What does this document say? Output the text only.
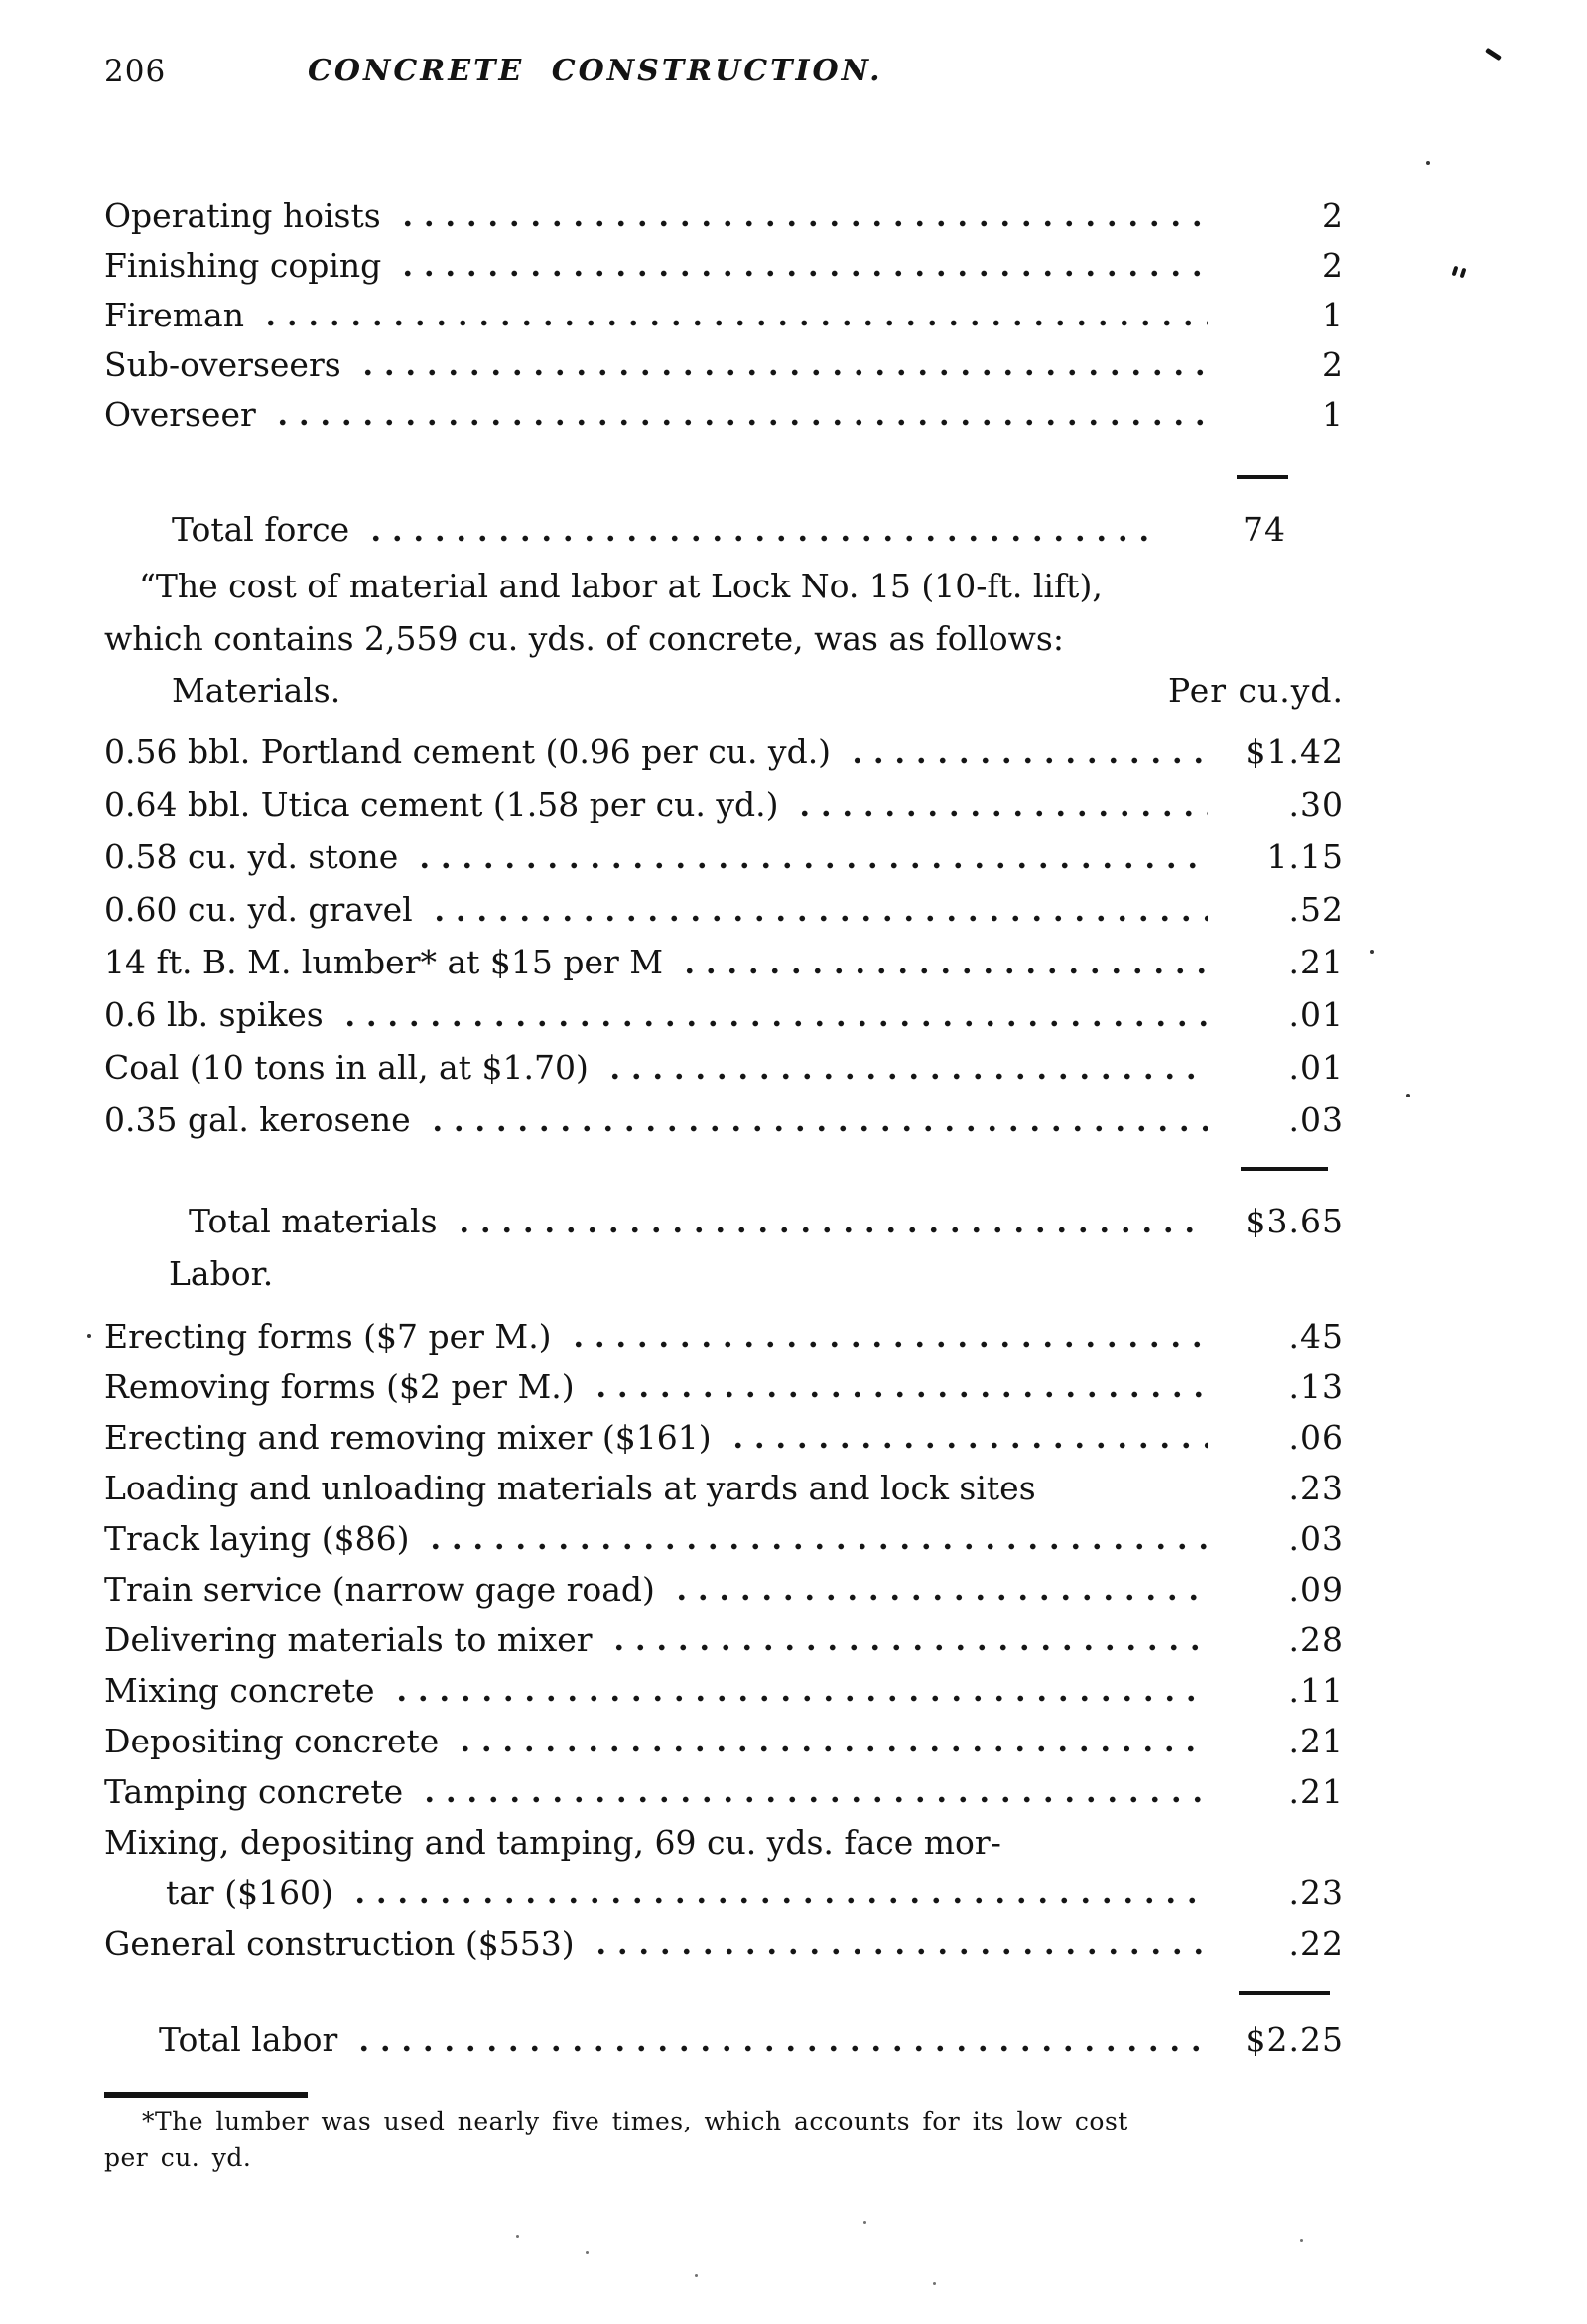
206	CONCRETE CONSTRUCTION.
Operating hoists	2
Finishing coping	2
Fireman	1
Sub-overseers	2
Overseer	1
Total force	74
“The cost of material and labor at Lock No. 15 (10-ft. lift),
which contains 2,559 cu. yds. of concrete, was as follows:
Materials.	Per cu.yd.
0.56 bbl. Portland cement (0.96 per cu. yd.)	$1.42
0.64 bbl. Utica cement (1.58 per cu. yd.)	.30
0.58 cu. yd. stone	1.15
0.60 cu. yd. gravel	.52
14 ft. B. M. lumber* at $15 per M	.21
0.6 lb. spikes	.01
Coal (10 tons in all, at $1.70)	.01
0.35 gal. kerosene	.03
Total materials	$3.65
Labor.
Erecting forms ($7 per M.)	.45
Removing forms ($2 per M.)	.13
Erecting and removing mixer ($161)	.06
Loading and unloading materials at yards and lock sites	.23
Track laying ($86)	.03
Train service (narrow gage road)	.09
Delivering materials to mixer	.28
Mixing concrete	.11
Depositing concrete	.21
Tamping concrete	.21
Mixing, depositing and tamping, 69 cu. yds. face mor-
tar ($160)	.23
General construction ($553)	.22
Total labor	$2.25
*The lumber was used nearly five times, which accounts for its low cost
per cu. yd.
